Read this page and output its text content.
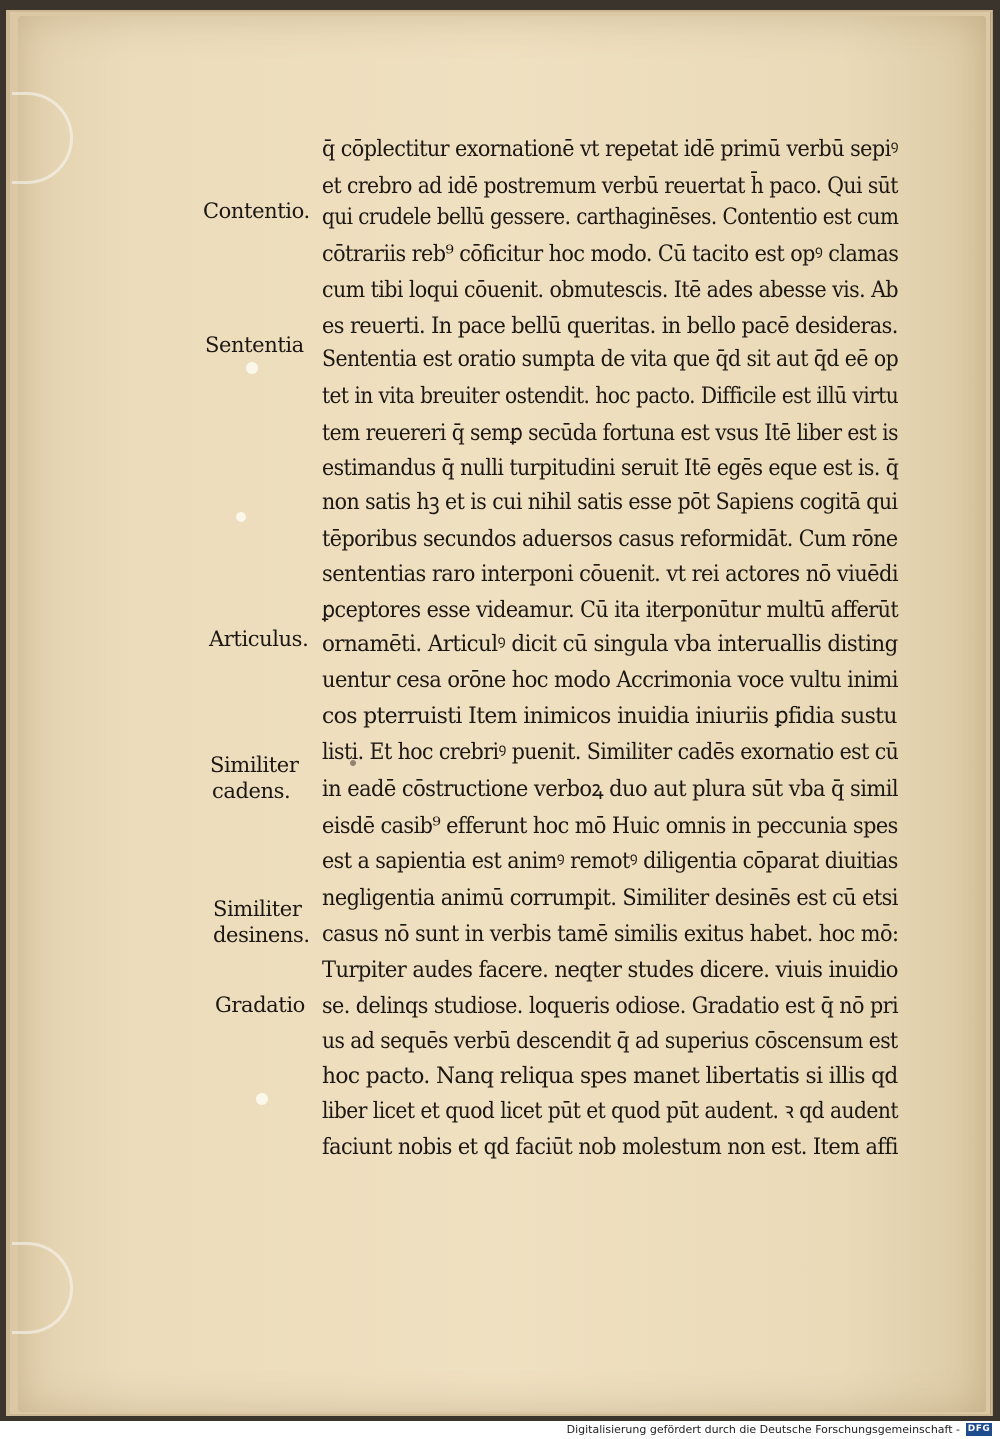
Contentio.
Sententia
Articulus.
Similiter
cadens.
Similiter
desinens.
Gradatio
q̄ cōplectitur exornationē vt repetat idē primū verbū sepiꝰ
et crebro ad idē postremum verbū reuertat h̄ paco. Qui sūt
qui crudele bellū gessere. carthaginēses. Contentio est cum
cōtrariis reb⁹ cōficitur hoc modo. Cū tacito est opꝰ clamas
cum tibi loqui cōuenit. obmutescis. Itē ades abesse vis. Ab
es reuerti. In pace bellū queritas. in bello pacē desideras.
Sententia est oratio sumpta de vita que q̄d sit aut q̄d eē op
tet in vita breuiter ostendit. hoc pacto. Difficile est illū virtu
tem reuereri q̄ semꝑ secūda fortuna est vsus Itē liber est is
estimandus q̄ nulli turpitudini seruit Itē egēs eque est is. q̄
non satis hꝫ et is cui nihil satis esse pōt Sapiens cogitā qui
tēporibus secundos aduersos casus reformidāt. Cum rōne
sententias raro interponi cōuenit. vt rei actores nō viuēdi
ꝑceptores esse videamur. Cū ita iterponūtur multū afferūt
ornamēti. Articulꝰ dicit cū singula vba interuallis disting
uentur cesa orōne hoc modo Accrimonia voce vultu inimi
cos pterruisti Item inimicos inuidia iniuriis ꝑfidia sustu
listi. Et hoc crebriꝰ puenit. Similiter cadēs exornatio est cū
in eadē cōstructione verboꝝ duo aut plura sūt vba q̄ simil
eisdē casib⁹ efferunt hoc mō Huic omnis in peccunia spes
est a sapientia est animꝰ remotꝰ diligentia cōparat diuitias
negligentia animū corrumpit. Similiter desinēs est cū etsi
casus nō sunt in verbis tamē similis exitus habet. hoc mō:
Turpiter audes facere. neqter studes dicere. viuis inuidio
se. delinqs studiose. loqueris odiose. Gradatio est q̄ nō pri
us ad sequēs verbū descendit q̄ ad superius cōscensum est
hoc pacto. Nanq reliqua spes manet libertatis si illis qd
liber licet et quod licet pūt et quod pūt audent. ꝛ qd audent
faciunt nobis et qd faciūt nob molestum non est. Item affi
Digitalisierung gefördert durch die Deutsche Forschungsgemeinschaft - DFG
